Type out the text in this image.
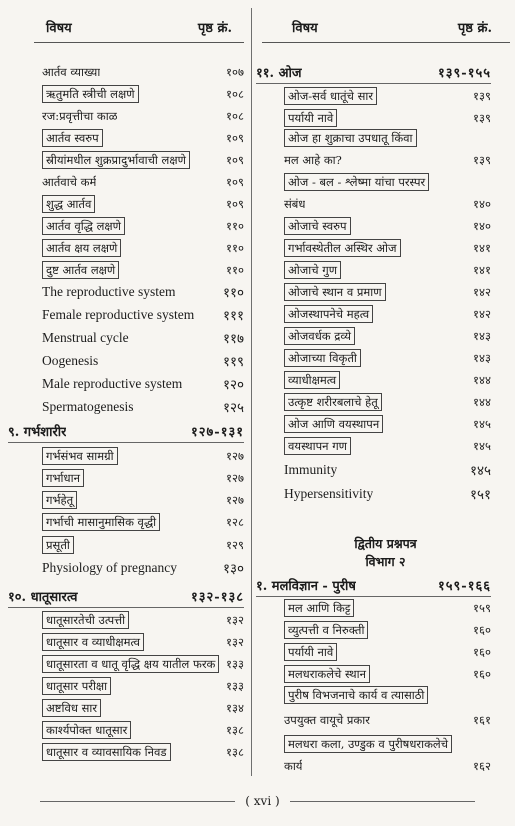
विषय	पृष्ठ क्रं.
आर्तव व्याख्या	१०७
ऋतुमति स्त्रीची लक्षणे	१०८
रज:प्रवृत्तीचा काळ	१०८
आर्तव स्वरुप	१०९
स्रीयांमधील शुक्रप्रादुर्भावाची लक्षणे	१०९
आर्तवाचे कर्म	१०९
शुद्ध आर्तव	१०९
आर्तव वृद्धि लक्षणे	११०
आर्तव क्षय लक्षणे	११०
दुष्ट आर्तव लक्षणे	११०
The reproductive system	११०
Female reproductive system १११
Menstrual cycle	११७
Oogenesis	११९
Male reproductive system	१२०
Spermatogenesis	१२५
९. गर्भशारीर	१२७-१३१
गर्भसंभव सामग्री	१२७
गर्भाधान	१२७
गर्भहेतू	१२७
गर्भाची मासानुमासिक वृद्धी	१२८
प्रसूती	१२९
Physiology of pregnancy	१३०
१०. धातूसारत्व	१३२-१३८
धातूसारतेची उत्पत्ती	१३२
धातूसार व व्याधीक्षमत्व	१३२
धातूसारता व धातू वृद्धि क्षय यातील फरक १३३
धातूसार परीक्षा	१३३
अष्टविध सार	१३४
कार्श्यपोक्त धातूसार	१३८
धातूसार व व्यावसायिक निवड	१३८
विषय	पृष्ठ क्रं.
११. ओज	१३९-१५५
ओज-सर्व धातूंचे सार	१३९
पर्यायी नावे	१३९
ओज हा शुक्राचा उपधातू किंवा
मल आहे का?	१३९
ओज - बल - श्लेष्मा यांचा परस्पर
संबंध	१४०
ओजाचे स्वरुप	१४०
गर्भावस्थेतील अस्थिर ओज	१४१
ओजाचे गुण	१४१
ओजाचे स्थान व प्रमाण	१४२
ओजस्थापनेचे महत्व	१४२
ओजवर्धक द्रव्ये	१४३
ओजाच्या विकृती	१४३
व्याधीक्षमत्व	१४४
उत्कृष्ट शरीरबलाचे हेतू	१४४
ओज आणि वयस्थापन	१४५
वयस्थापन गण	१४५
Immunity	१४५
Hypersensitivity	१५१
१. मलविज्ञान - पुरीष	१५९-१६६
मल आणि किट्ट	१५९
व्युत्पत्ती व निरुक्ती	१६०
पर्यायी नावे	१६०
मलधराकलेचे स्थान	१६०
पुरीष विभजनाचे कार्य व त्यासाठी
उपयुक्त वायूचे प्रकार	१६१
मलधरा कला, उण्डुक व पुरीषधराकलेचे
कार्य	१६२
द्वितीय प्रश्नपत्र
विभाग २
( xvi )
